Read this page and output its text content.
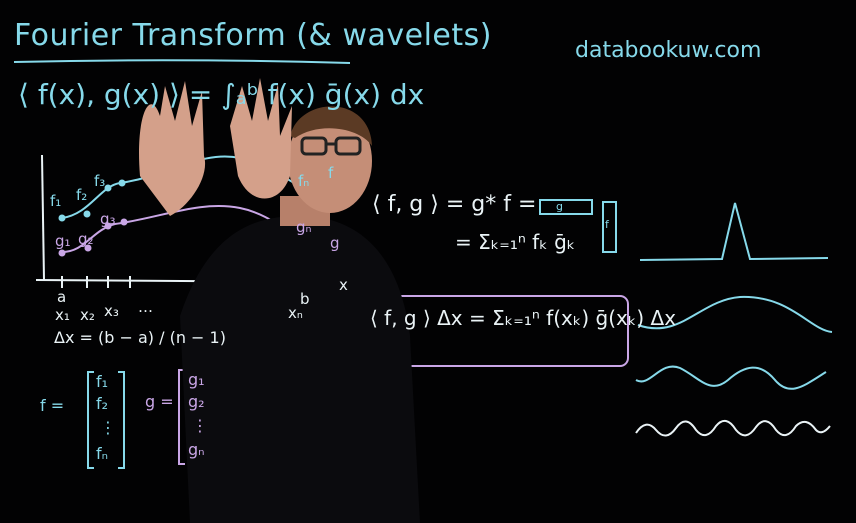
Fourier Transform (& wavelets)	databookuw.com
⟨ f(x), g(x) ⟩ = ∫ₐᵇ f(x) ḡ(x) dx
⟨ f, g ⟩ = g* f = g
f
= Σₖ₌₁ⁿ fₖ ḡₖ
⟨ f, g ⟩ Δx = Σₖ₌₁ⁿ f(xₖ) ḡ(xₖ) Δx
x
a	b
x₁ x₂ x₃ …	xₙ
f₁ f₂
f₃	fₙ
g₁ g₂
g₃	gₙ
f
g
Δx = (b − a) / (n − 1)
f =
f₁
f₂
⋮
fₙ
g =
g₁
g₂
⋮
gₙ
